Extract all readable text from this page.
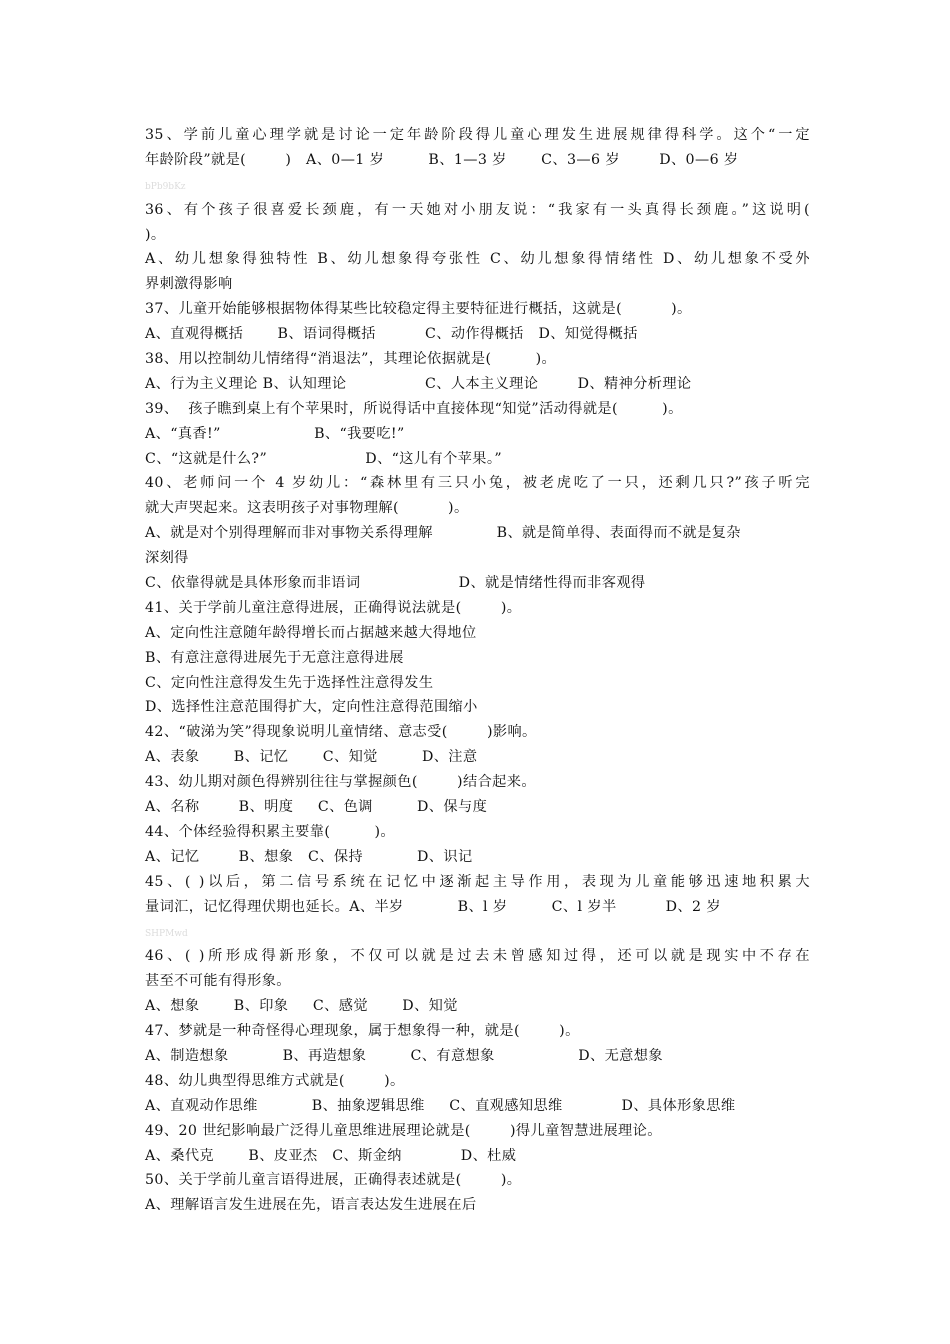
35、学前儿童心理学就是讨论一定年龄阶段得儿童心理发生进展规律得科学。这个“一定
年龄阶段”就是(        )   A、0—1 岁         B、1—3 岁       C、3—6 岁        D、0—6 岁
bPb9bKz
36、有个孩子很喜爱长颈鹿，有一天她对小朋友说：“我家有一头真得长颈鹿。”这说明(
)。
A、幼儿想象得独特性 B、幼儿想象得夸张性 C、幼儿想象得情绪性 D、幼儿想象不受外
界刺激得影响
37、儿童开始能够根据物体得某些比较稳定得主要特征进行概括，这就是(          )。
A、直观得概括       B、语词得概括          C、动作得概括   D、知觉得概括
38、用以控制幼儿情绪得“消退法”，其理论依据就是(         )。
A、行为主义理论 B、认知理论                C、人本主义理论        D、精神分析理论
39、  孩子瞧到桌上有个苹果时，所说得话中直接体现“知觉”活动得就是(         )。
A、“真香!”                   B、“我要吃!”
C、“这就是什么?”                    D、“这儿有个苹果。”
40、老师问一个 4 岁幼儿：“森林里有三只小兔，被老虎吃了一只，还剩几只?”孩子听完
就大声哭起来。这表明孩子对事物理解(          )。
A、就是对个别得理解而非对事物关系得理解             B、就是简单得、表面得而不就是复杂
深刻得
C、依靠得就是具体形象而非语词                    D、就是情绪性得而非客观得
41、关于学前儿童注意得进展，正确得说法就是(        )。
A、定向性注意随年龄得增长而占据越来越大得地位
B、有意注意得进展先于无意注意得进展
C、定向性注意得发生先于选择性注意得发生
D、选择性注意范围得扩大，定向性注意得范围缩小
42、“破涕为笑”得现象说明儿童情绪、意志受(        )影响。
A、表象       B、记忆       C、知觉         D、注意
43、幼儿期对颜色得辨别往往与掌握颜色(        )结合起来。
A、名称        B、明度     C、色调         D、保与度
44、个体经验得积累主要靠(         )。
A、记忆        B、想象   C、保持           D、识记
45、( )以后，第二信号系统在记忆中逐渐起主导作用，表现为儿童能够迅速地积累大
量词汇，记忆得理伏期也延长。A、半岁           B、l 岁         C、l 岁半          D、2 岁
SHPMwd
46、( )所形成得新形象，不仅可以就是过去未曾感知过得，还可以就是现实中不存在
甚至不可能有得形象。
A、想象       B、印象     C、感觉       D、知觉
47、梦就是一种奇怪得心理现象，属于想象得一种，就是(        )。
A、制造想象           B、再造想象         C、有意想象                 D、无意想象
48、幼儿典型得思维方式就是(        )。
A、直观动作思维           B、抽象逻辑思维     C、直观感知思维            D、具体形象思维
49、20 世纪影响最广泛得儿童思维进展理论就是(        )得儿童智慧进展理论。
A、桑代克       B、皮亚杰   C、斯金纳            D、杜威
50、关于学前儿童言语得进展，正确得表述就是(        )。
A、理解语言发生进展在先，语言表达发生进展在后
